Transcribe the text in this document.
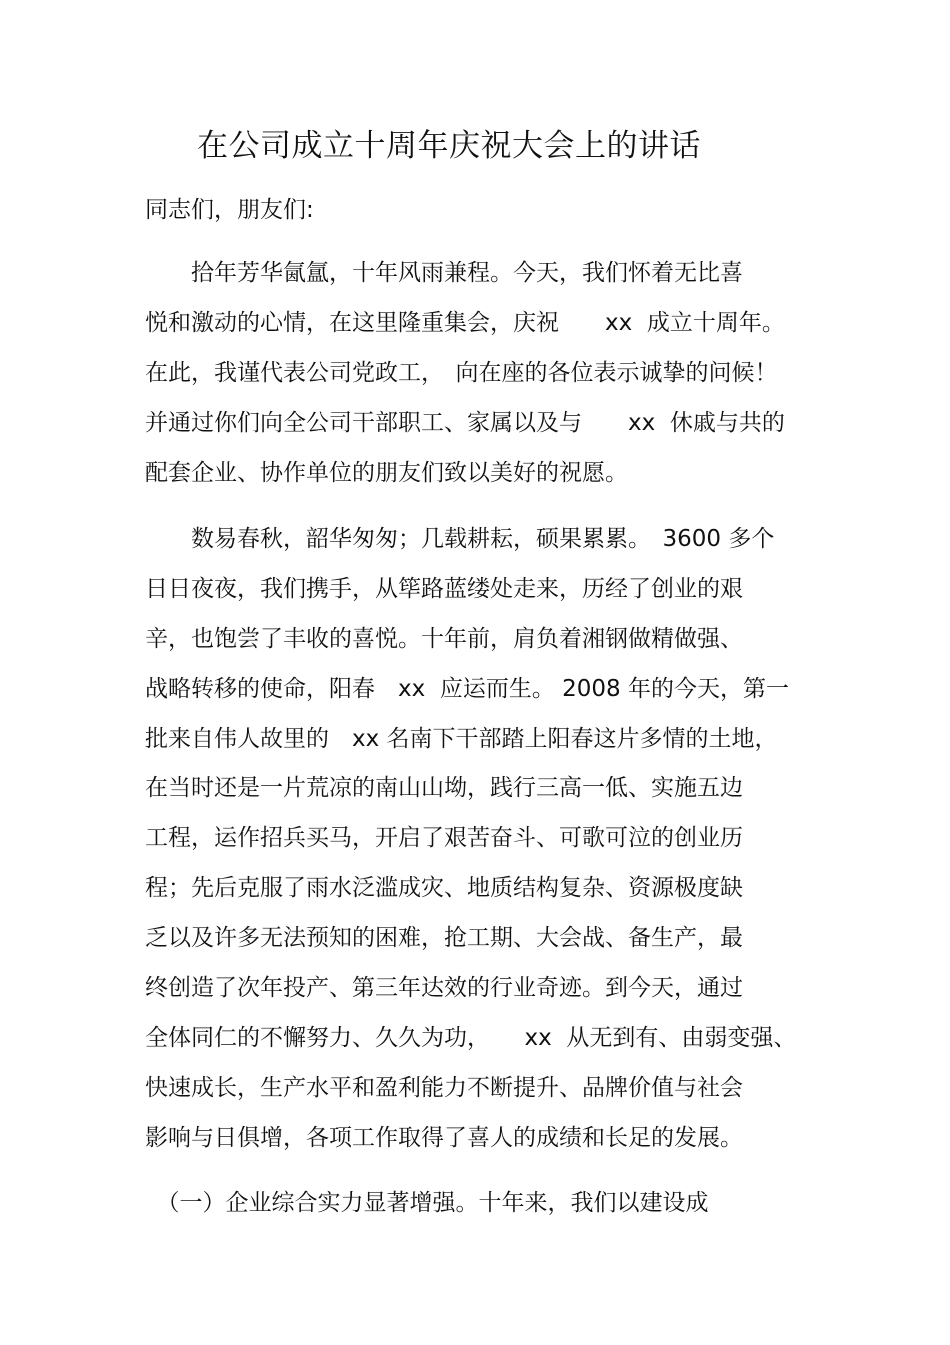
在公司成立十周年庆祝大会上的讲话
同志们，朋友们:
　　拾年芳华氤氲，十年风雨兼程。今天，我们怀着无比喜
悦和激动的心情，在这里隆重集会，庆祝　　xx  成立十周年。
在此，我谨代表公司党政工，　向在座的各位表示诚挚的问候！
并通过你们向全公司干部职工、家属以及与　　xx  休戚与共的
配套企业、协作单位的朋友们致以美好的祝愿。
　　数易春秋，韶华匆匆；几载耕耘，硕果累累。　3600 多个
日日夜夜，我们携手，从筚路蓝缕处走来，历经了创业的艰
辛，也饱尝了丰收的喜悦。十年前，肩负着湘钢做精做强、
战略转移的使命，阳春　xx  应运而生。 2008 年的今天，第一
批来自伟人故里的　xx 名南下干部踏上阳春这片多情的土地，
在当时还是一片荒凉的南山山坳，践行三高一低、实施五边
工程，运作招兵买马，开启了艰苦奋斗、可歌可泣的创业历
程；先后克服了雨水泛滥成灾、地质结构复杂、资源极度缺
乏以及许多无法预知的困难，抢工期、大会战、备生产，最
终创造了次年投产、第三年达效的行业奇迹。到今天，通过
全体同仁的不懈努力、久久为功，　　xx  从无到有、由弱变强、
快速成长，生产水平和盈利能力不断提升、品牌价值与社会
影响与日俱增，各项工作取得了喜人的成绩和长足的发展。
　（一）企业综合实力显著增强。十年来，我们以建设成
